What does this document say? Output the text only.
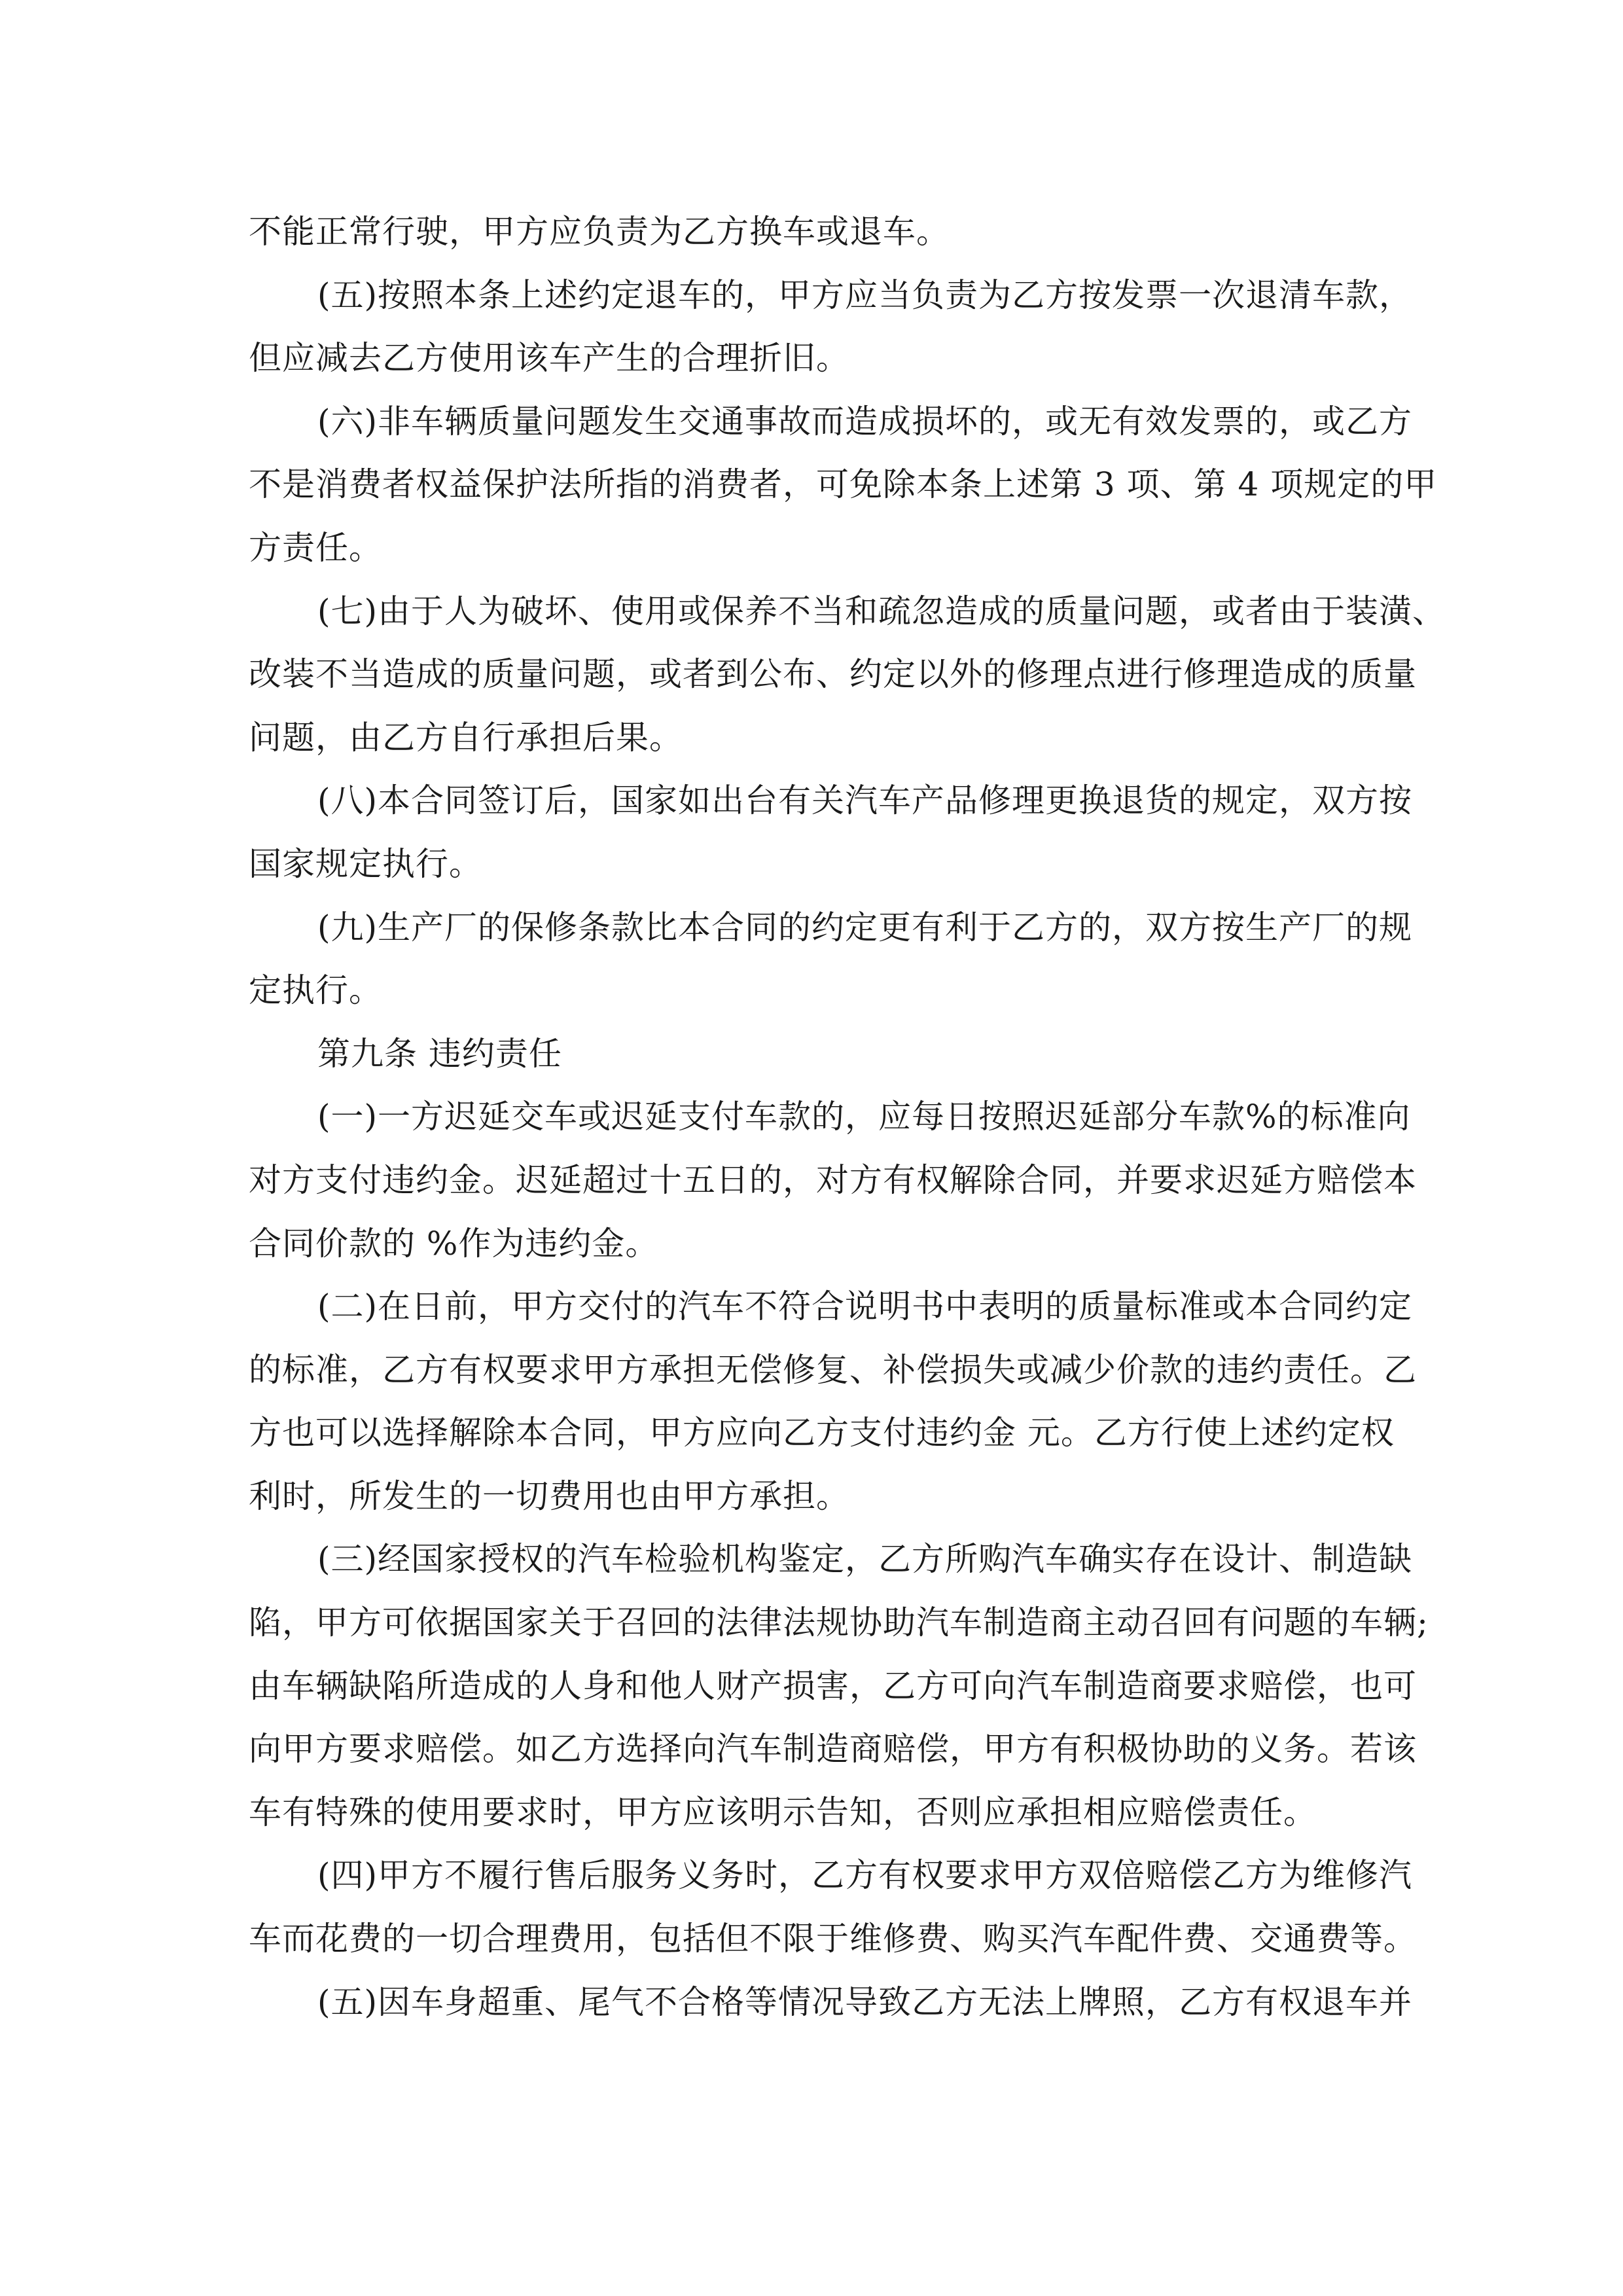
不能正常行驶，甲方应负责为乙方换车或退车。
(五)按照本条上述约定退车的，甲方应当负责为乙方按发票一次退清车款，
但应减去乙方使用该车产生的合理折旧。
(六)非车辆质量问题发生交通事故而造成损坏的，或无有效发票的，或乙方
不是消费者权益保护法所指的消费者，可免除本条上述第 3 项、第 4 项规定的甲
方责任。
(七)由于人为破坏、使用或保养不当和疏忽造成的质量问题，或者由于装潢、
改装不当造成的质量问题，或者到公布、约定以外的修理点进行修理造成的质量
问题，由乙方自行承担后果。
(八)本合同签订后，国家如出台有关汽车产品修理更换退货的规定，双方按
国家规定执行。
(九)生产厂的保修条款比本合同的约定更有利于乙方的，双方按生产厂的规
定执行。
第九条 违约责任
(一)一方迟延交车或迟延支付车款的，应每日按照迟延部分车款%的标准向
对方支付违约金。迟延超过十五日的，对方有权解除合同，并要求迟延方赔偿本
合同价款的 %作为违约金。
(二)在日前，甲方交付的汽车不符合说明书中表明的质量标准或本合同约定
的标准，乙方有权要求甲方承担无偿修复、补偿损失或减少价款的违约责任。乙
方也可以选择解除本合同，甲方应向乙方支付违约金 元。乙方行使上述约定权
利时，所发生的一切费用也由甲方承担。
(三)经国家授权的汽车检验机构鉴定，乙方所购汽车确实存在设计、制造缺
陷，甲方可依据国家关于召回的法律法规协助汽车制造商主动召回有问题的车辆;
由车辆缺陷所造成的人身和他人财产损害，乙方可向汽车制造商要求赔偿，也可
向甲方要求赔偿。如乙方选择向汽车制造商赔偿，甲方有积极协助的义务。若该
车有特殊的使用要求时，甲方应该明示告知，否则应承担相应赔偿责任。
(四)甲方不履行售后服务义务时，乙方有权要求甲方双倍赔偿乙方为维修汽
车而花费的一切合理费用，包括但不限于维修费、购买汽车配件费、交通费等。
(五)因车身超重、尾气不合格等情况导致乙方无法上牌照，乙方有权退车并
